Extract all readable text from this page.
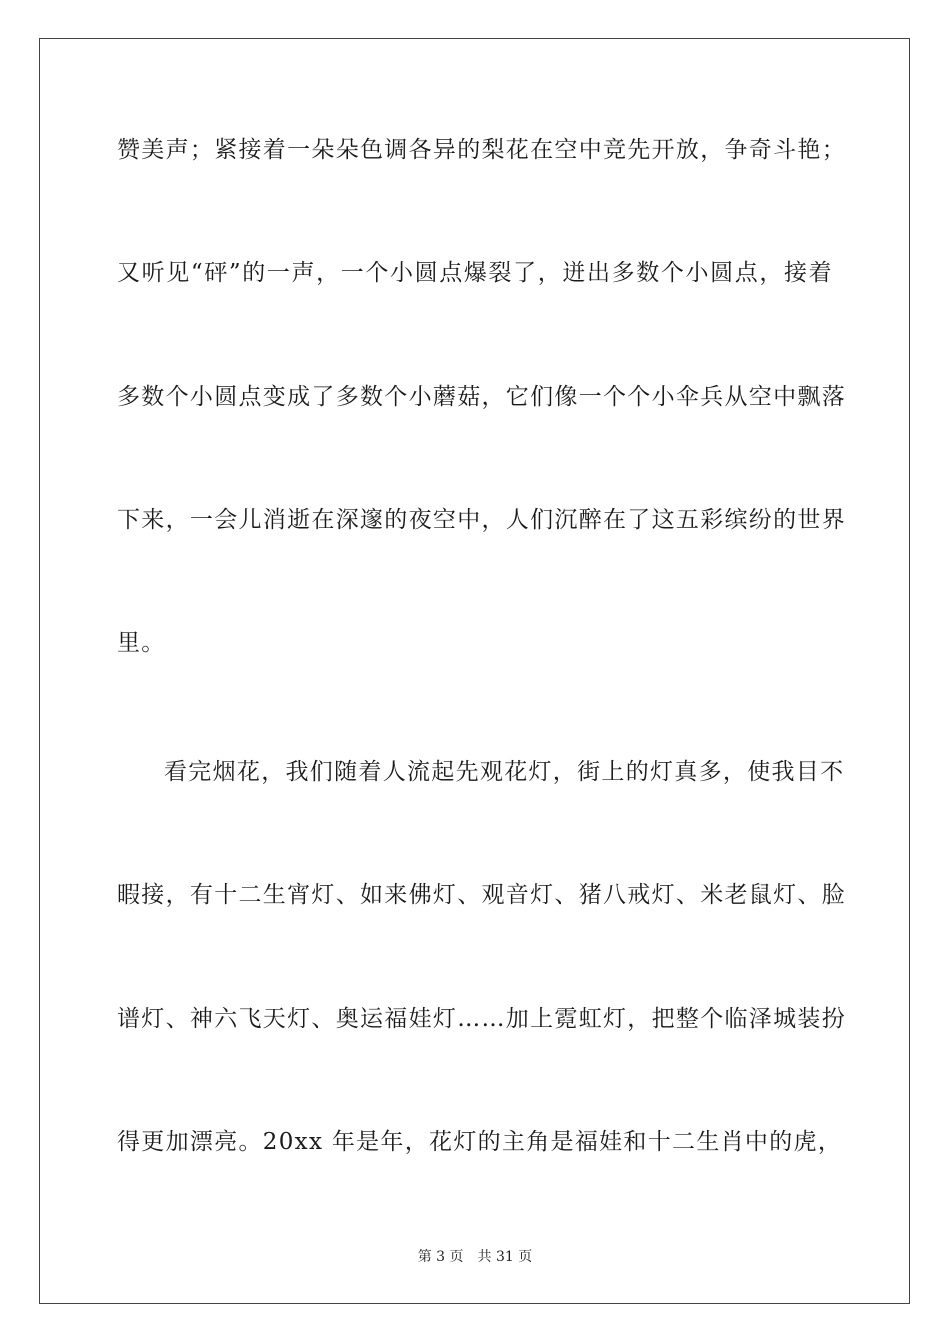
赞美声；紧接着一朵朵色调各异的梨花在空中竞先开放，争奇斗艳；
又听见“砰”的一声，一个小圆点爆裂了，迸出多数个小圆点，接着
多数个小圆点变成了多数个小蘑菇，它们像一个个小伞兵从空中飘落
下来，一会儿消逝在深邃的夜空中，人们沉醉在了这五彩缤纷的世界
里。
看完烟花，我们随着人流起先观花灯，街上的灯真多，使我目不
暇接，有十二生宵灯、如来佛灯、观音灯、猪八戒灯、米老鼠灯、脸
谱灯、神六飞天灯、奥运福娃灯……加上霓虹灯，把整个临泽城装扮
得更加漂亮。20xx 年是年，花灯的主角是福娃和十二生肖中的虎，
第 3 页 共 31 页
